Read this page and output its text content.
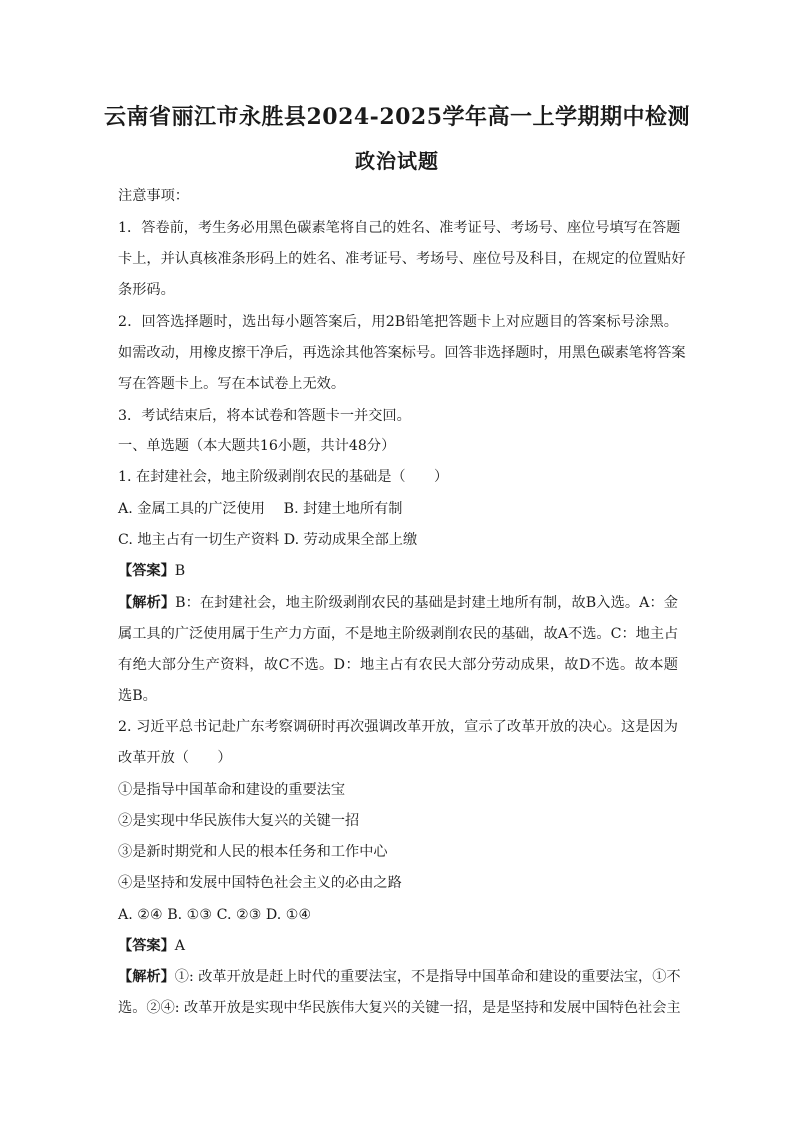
云南省丽江市永胜县2024-2025学年高一上学期期中检测
政治试题
注意事项：
1．答卷前，考生务必用黑色碳素笔将自己的姓名、准考证号、考场号、座位号填写在答题
卡上，并认真核准条形码上的姓名、准考证号、考场号、座位号及科目，在规定的位置贴好
条形码。
2．回答选择题时，选出每小题答案后，用2B铅笔把答题卡上对应题目的答案标号涂黑。
如需改动，用橡皮擦干净后，再选涂其他答案标号。回答非选择题时，用黑色碳素笔将答案
写在答题卡上。写在本试卷上无效。
3．考试结束后，将本试卷和答题卡一并交回。
一、单选题（本大题共16小题，共计48分）
1. 在封建社会，地主阶级剥削农民的基础是（　　）
A. 金属工具的广泛使用　 B. 封建土地所有制
C. 地主占有一切生产资料 D. 劳动成果全部上缴
【答案】B
【解析】B：在封建社会，地主阶级剥削农民的基础是封建土地所有制，故B入选。A：金
属工具的广泛使用属于生产力方面，不是地主阶级剥削农民的基础，故A不选。C：地主占
有绝大部分生产资料，故C不选。D：地主占有农民大部分劳动成果，故D不选。故本题
选B。
2. 习近平总书记赴广东考察调研时再次强调改革开放，宣示了改革开放的决心。这是因为
改革开放（　　）
①是指导中国革命和建设的重要法宝
②是实现中华民族伟大复兴的关键一招
③是新时期党和人民的根本任务和工作中心
④是坚持和发展中国特色社会主义的必由之路
A. ②④ B. ①③ C. ②③ D. ①④
【答案】A
【解析】①: 改革开放是赶上时代的重要法宝，不是指导中国革命和建设的重要法宝，①不
选。②④: 改革开放是实现中华民族伟大复兴的关键一招，是是坚持和发展中国特色社会主
